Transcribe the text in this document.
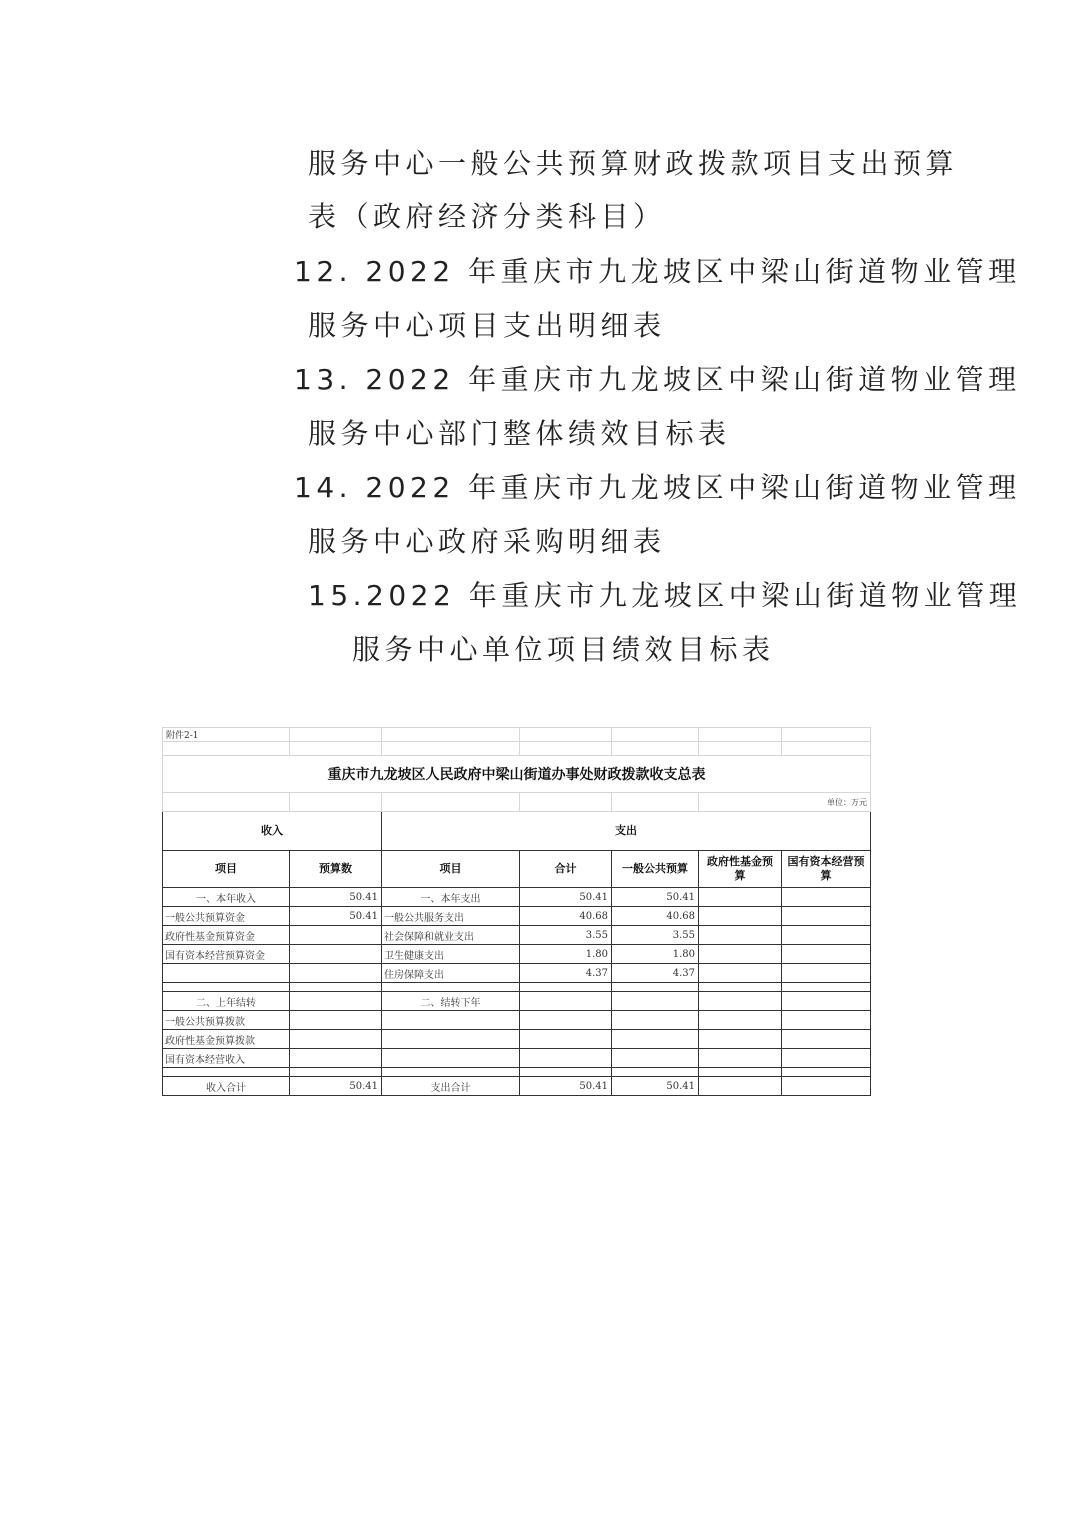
服务中心一般公共预算财政拨款项目支出预算
表（政府经济分类科目）
12. 2022 年重庆市九龙坡区中梁山街道物业管理
服务中心项目支出明细表
13. 2022 年重庆市九龙坡区中梁山街道物业管理
服务中心部门整体绩效目标表
14. 2022 年重庆市九龙坡区中梁山街道物业管理
服务中心政府采购明细表
15.2022 年重庆市九龙坡区中梁山街道物业管理
服务中心单位项目绩效目标表
附件2-1						

重庆市九龙坡区人民政府中梁山街道办事处财政拨款收支总表						
					单位：万元	
收入		支出				
项目	预算数	项目	合计	一般公共预算	政府性基金预算	国有资本经营预算
一、本年收入	50.41	一、本年支出	50.41	50.41		
一般公共预算资金	50.41	一般公共服务支出	40.68	40.68		
政府性基金预算资金		社会保障和就业支出	3.55	3.55		
国有资本经营预算资金		卫生健康支出	1.80	1.80		
		住房保障支出	4.37	4.37		

二、上年结转		二、结转下年				
一般公共预算拨款						
政府性基金预算拨款						
国有资本经营收入						

收入合计	50.41	支出合计	50.41	50.41		
